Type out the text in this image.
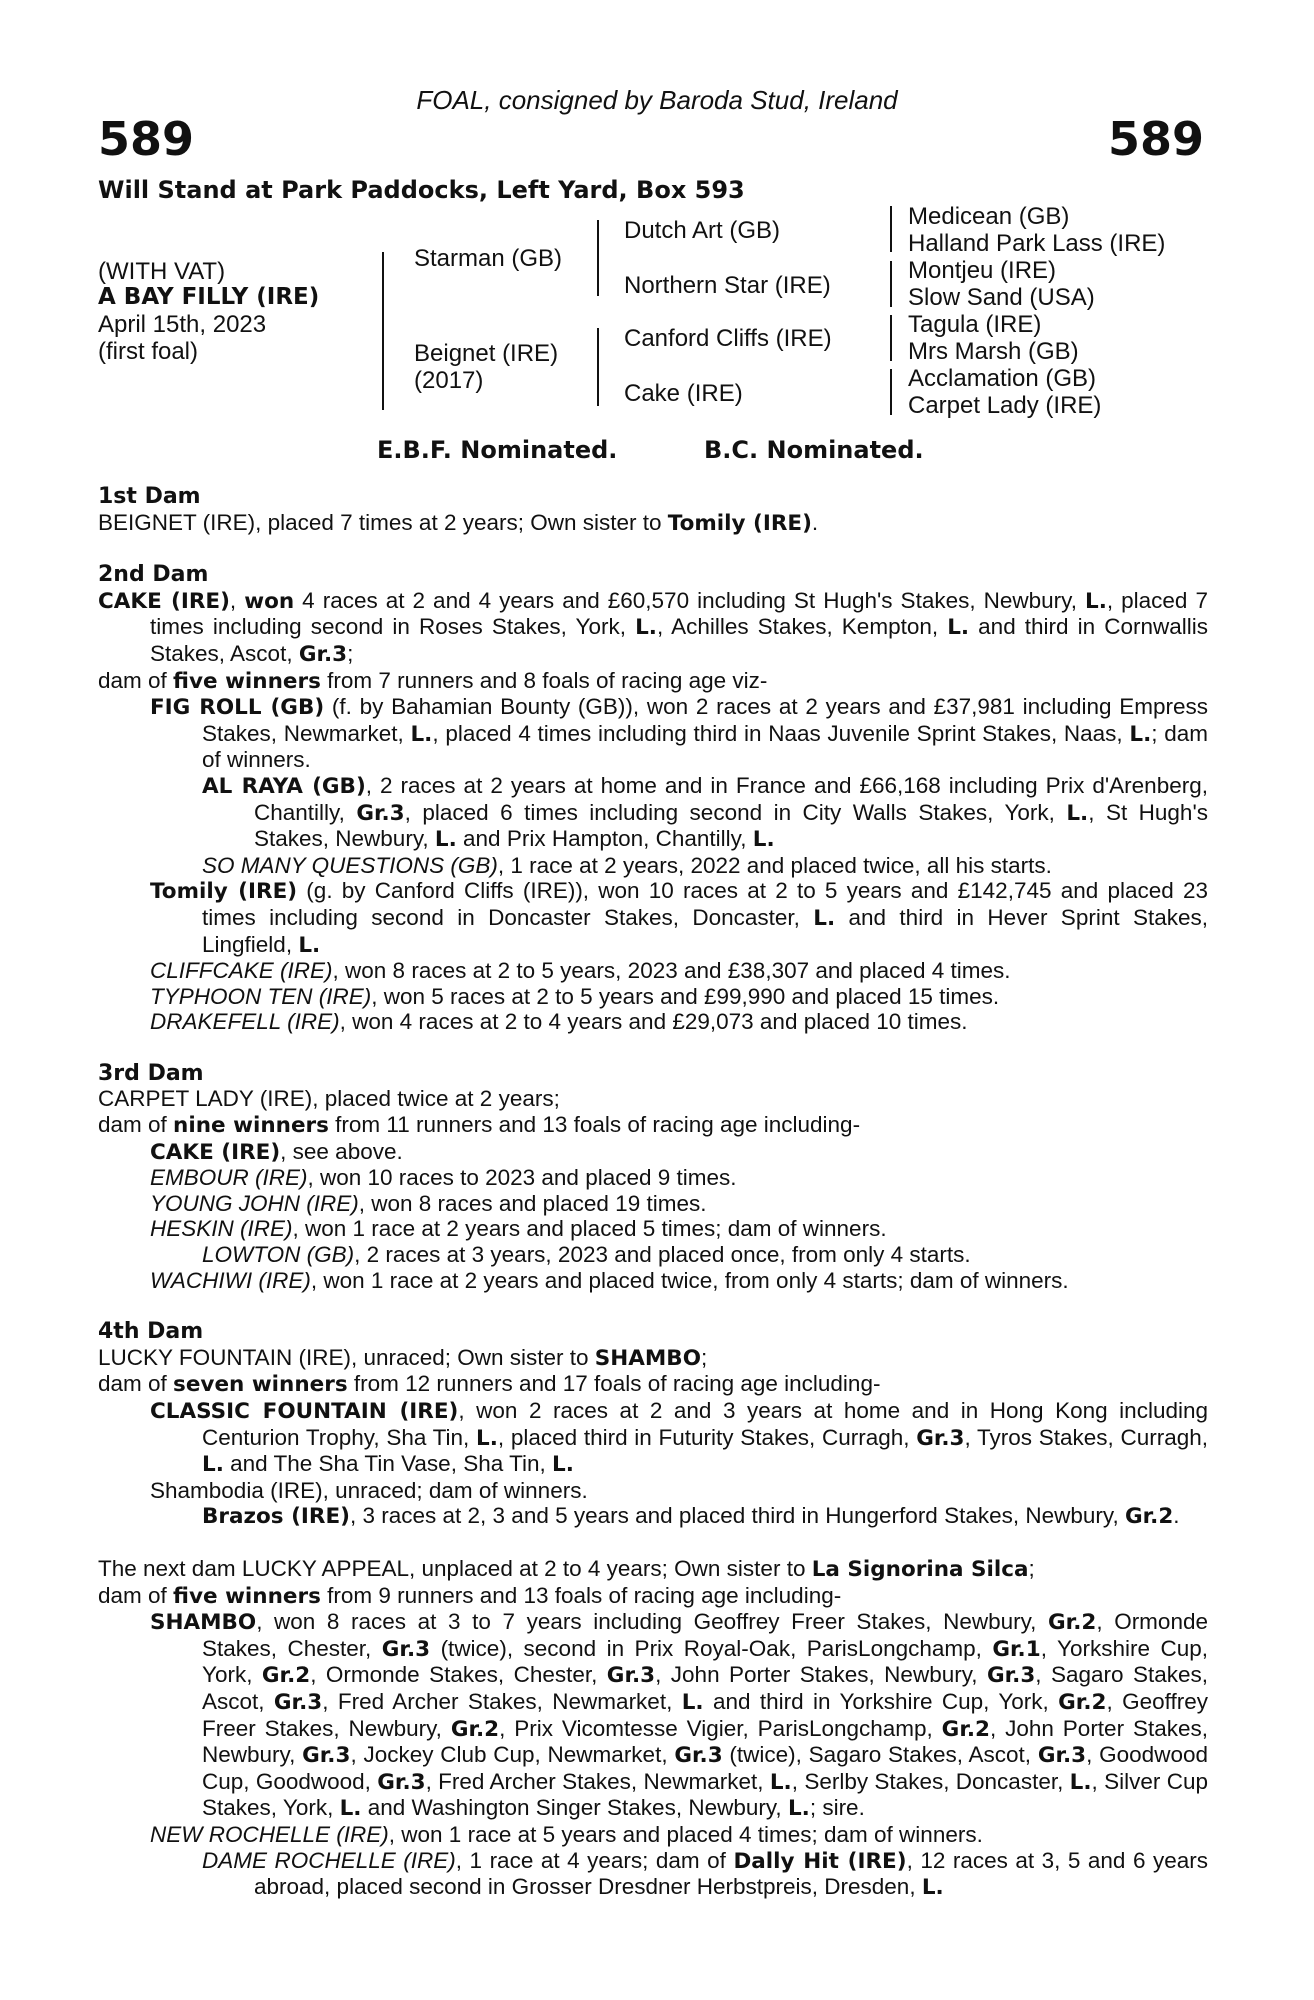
FOAL, consigned by Baroda Stud, Ireland
589	589
Will Stand at Park Paddocks, Left Yard, Box 593
(WITH VAT)
A BAY FILLY (IRE)
April 15th, 2023
(first foal)
Starman (GB)
Beignet (IRE)
(2017)
Dutch Art (GB)
Northern Star (IRE)
Canford Cliffs (IRE)
Cake (IRE)
Medicean (GB)
Halland Park Lass (IRE)
Montjeu (IRE)
Slow Sand (USA)
Tagula (IRE)
Mrs Marsh (GB)
Acclamation (GB)
Carpet Lady (IRE)
E.B.F. Nominated.	B.C. Nominated.
1st Dam
BEIGNET (IRE), placed 7 times at 2 years; Own sister to Tomily (IRE).
2nd Dam
CAKE (IRE), won 4 races at 2 and 4 years and £60,570 including St Hugh's Stakes, Newbury, L., placed 7 times including second in Roses Stakes, York, L., Achilles Stakes, Kempton, L. and third in Cornwallis Stakes, Ascot, Gr.3;
dam of five winners from 7 runners and 8 foals of racing age viz-
FIG ROLL (GB) (f. by Bahamian Bounty (GB)), won 2 races at 2 years and £37,981 including Empress Stakes, Newmarket, L., placed 4 times including third in Naas Juvenile Sprint Stakes, Naas, L.; dam of winners.
AL RAYA (GB), 2 races at 2 years at home and in France and £66,168 including Prix d'Arenberg, Chantilly, Gr.3, placed 6 times including second in City Walls Stakes, York, L., St Hugh's Stakes, Newbury, L. and Prix Hampton, Chantilly, L.
SO MANY QUESTIONS (GB), 1 race at 2 years, 2022 and placed twice, all his starts.
Tomily (IRE) (g. by Canford Cliffs (IRE)), won 10 races at 2 to 5 years and £142,745 and placed 23 times including second in Doncaster Stakes, Doncaster, L. and third in Hever Sprint Stakes, Lingfield, L.
CLIFFCAKE (IRE), won 8 races at 2 to 5 years, 2023 and £38,307 and placed 4 times.
TYPHOON TEN (IRE), won 5 races at 2 to 5 years and £99,990 and placed 15 times.
DRAKEFELL (IRE), won 4 races at 2 to 4 years and £29,073 and placed 10 times.
3rd Dam
CARPET LADY (IRE), placed twice at 2 years;
dam of nine winners from 11 runners and 13 foals of racing age including-
CAKE (IRE), see above.
EMBOUR (IRE), won 10 races to 2023 and placed 9 times.
YOUNG JOHN (IRE), won 8 races and placed 19 times.
HESKIN (IRE), won 1 race at 2 years and placed 5 times; dam of winners.
LOWTON (GB), 2 races at 3 years, 2023 and placed once, from only 4 starts.
WACHIWI (IRE), won 1 race at 2 years and placed twice, from only 4 starts; dam of winners.
4th Dam
LUCKY FOUNTAIN (IRE), unraced; Own sister to SHAMBO;
dam of seven winners from 12 runners and 17 foals of racing age including-
CLASSIC FOUNTAIN (IRE), won 2 races at 2 and 3 years at home and in Hong Kong including Centurion Trophy, Sha Tin, L., placed third in Futurity Stakes, Curragh, Gr.3, Tyros Stakes, Curragh, L. and The Sha Tin Vase, Sha Tin, L.
Shambodia (IRE), unraced; dam of winners.
Brazos (IRE), 3 races at 2, 3 and 5 years and placed third in Hungerford Stakes, Newbury, Gr.2.
The next dam LUCKY APPEAL, unplaced at 2 to 4 years; Own sister to La Signorina Silca;
dam of five winners from 9 runners and 13 foals of racing age including-
SHAMBO, won 8 races at 3 to 7 years including Geoffrey Freer Stakes, Newbury, Gr.2, Ormonde Stakes, Chester, Gr.3 (twice), second in Prix Royal-Oak, ParisLongchamp, Gr.1, Yorkshire Cup, York, Gr.2, Ormonde Stakes, Chester, Gr.3, John Porter Stakes, Newbury, Gr.3, Sagaro Stakes, Ascot, Gr.3, Fred Archer Stakes, Newmarket, L. and third in Yorkshire Cup, York, Gr.2, Geoffrey Freer Stakes, Newbury, Gr.2, Prix Vicomtesse Vigier, ParisLongchamp, Gr.2, John Porter Stakes, Newbury, Gr.3, Jockey Club Cup, Newmarket, Gr.3 (twice), Sagaro Stakes, Ascot, Gr.3, Goodwood Cup, Goodwood, Gr.3, Fred Archer Stakes, Newmarket, L., Serlby Stakes, Doncaster, L., Silver Cup Stakes, York, L. and Washington Singer Stakes, Newbury, L.; sire.
NEW ROCHELLE (IRE), won 1 race at 5 years and placed 4 times; dam of winners.
DAME ROCHELLE (IRE), 1 race at 4 years; dam of Dally Hit (IRE), 12 races at 3, 5 and 6 years abroad, placed second in Grosser Dresdner Herbstpreis, Dresden, L.
